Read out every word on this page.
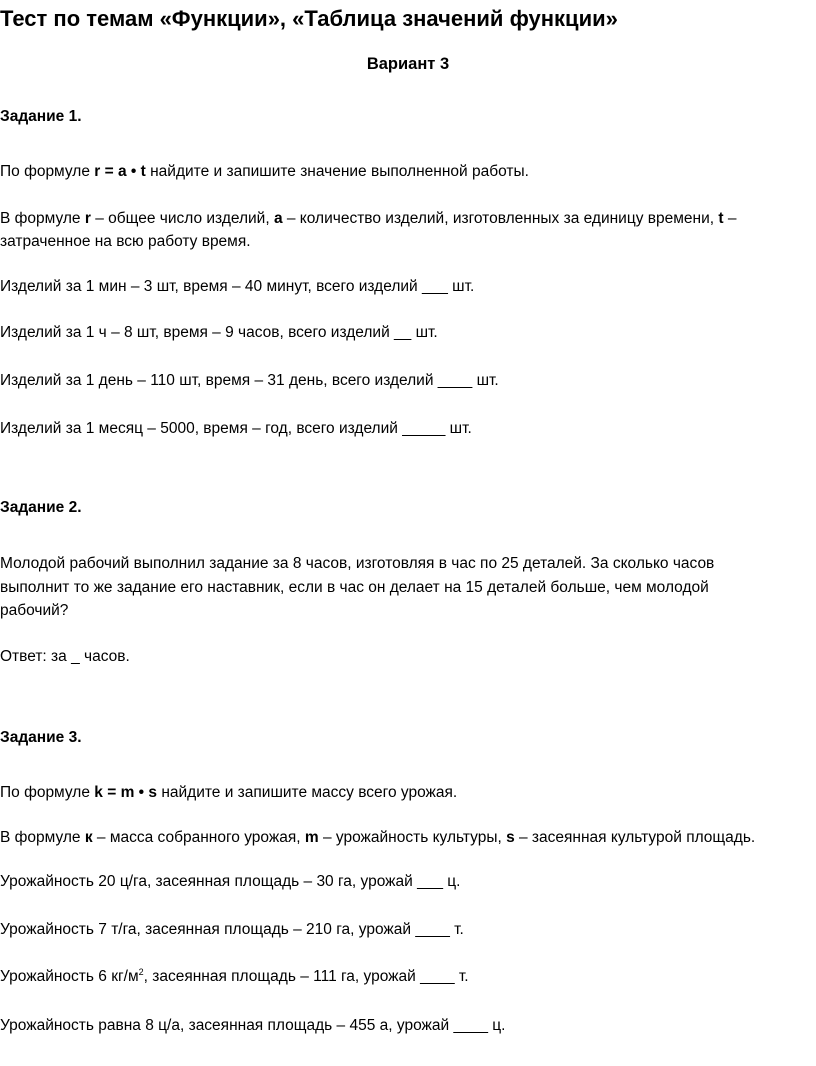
Тест по темам «Функции», «Таблица значений функции»
Вариант 3
Задание 1.
По формуле r = a • t найдите и запишите значение выполненной работы.
В формуле r – общее число изделий, а – количество изделий, изготовленных за единицу времени, t –
затраченное на всю работу время.
Изделий за 1 мин – 3 шт, время – 40 минут, всего изделий ___ шт.
Изделий за 1 ч – 8 шт, время – 9 часов, всего изделий __ шт.
Изделий за 1 день – 110 шт, время – 31 день, всего изделий ____ шт.
Изделий за 1 месяц – 5000, время – год, всего изделий _____ шт.
Задание 2.
Молодой рабочий выполнил задание за 8 часов, изготовляя в час по 25 деталей. За сколько часов
выполнит то же задание его наставник, если в час он делает на 15 деталей больше, чем молодой
рабочий?
Ответ: за _ часов.
Задание 3.
По формуле k = m • s найдите и запишите массу всего урожая.
В формуле к – масса собранного урожая, m – урожайность культуры, s – засеянная культурой площадь.
Урожайность 20 ц/га, засеянная площадь – 30 га, урожай ___ ц.
Урожайность 7 т/га, засеянная площадь – 210 га, урожай ____ т.
Урожайность 6 $кг/м^2$, засеянная площадь – 111 га, урожай ____ т.
Урожайность равна 8 ц/а, засеянная площадь – 455 а, урожай ____ ц.
